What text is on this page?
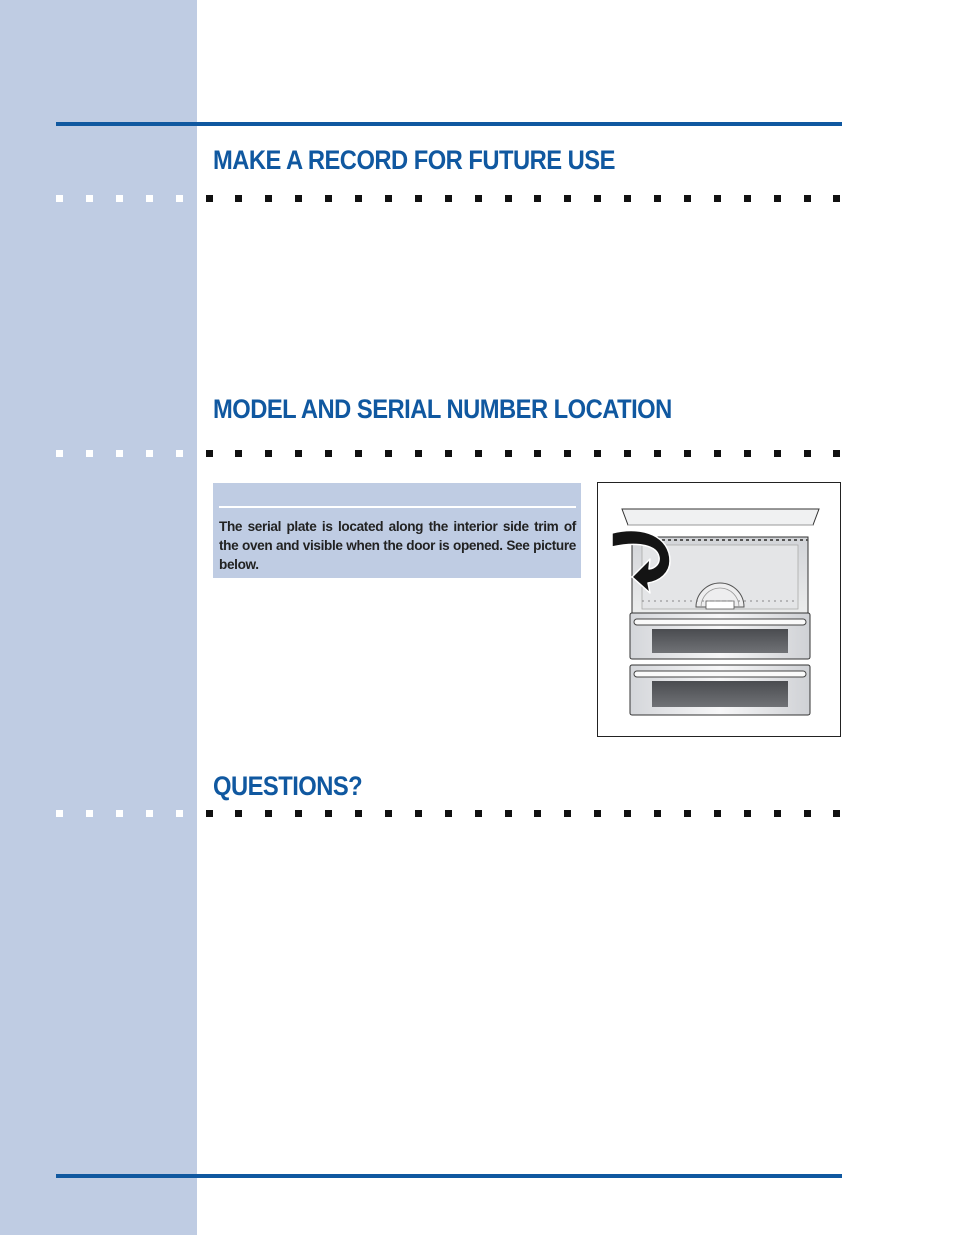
MAKE A RECORD FOR FUTURE USE
MODEL AND SERIAL NUMBER LOCATION

The serial plate is located along the interior side trim of the oven and visible when the door is opened. See picture below.

QUESTIONS?
